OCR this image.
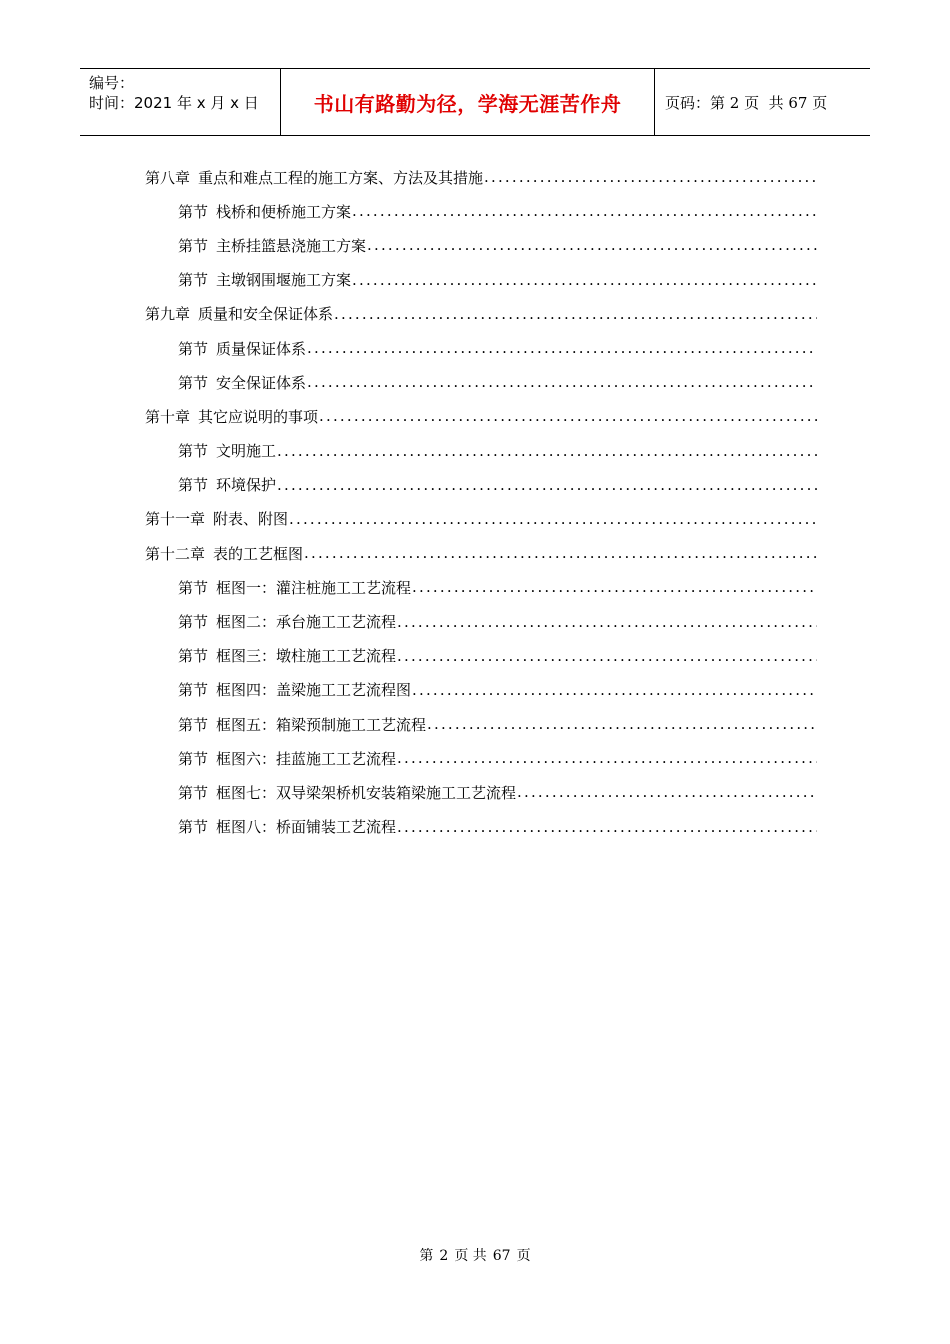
编号：
时间：2021 年 x 月 x 日	书山有路勤为径，学海无涯苦作舟	页码：第 2 页  共 67 页
第八章 重点和难点工程的施工方案、方法及其措施
.....
第节 栈桥和便桥施工方案
.....
第节 主桥挂篮悬浇施工方案
.....
第节 主墩钢围堰施工方案
.....
第九章 质量和安全保证体系
.....
第节 质量保证体系
.....
第节 安全保证体系
.....
第十章 其它应说明的事项
.....
第节 文明施工
.....
第节 环境保护
.....
第十一章 附表、附图
.....
第十二章 表的工艺框图
.....
第节 框图一：灌注桩施工工艺流程
.....
第节 框图二：承台施工工艺流程
.....
第节 框图三：墩柱施工工艺流程
.....
第节 框图四：盖梁施工工艺流程图
.....
第节 框图五：箱梁预制施工工艺流程
.....
第节 框图六：挂蓝施工工艺流程
.....
第节 框图七：双导梁架桥机安装箱梁施工工艺流程
.....
第节 框图八：桥面铺装工艺流程
.....
第 2 页 共 67 页
